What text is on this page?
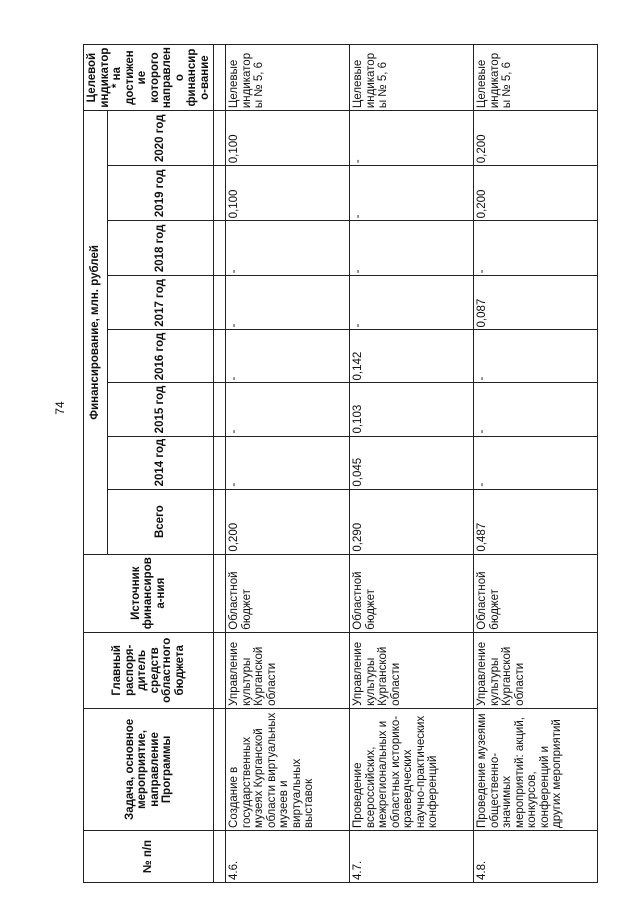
74
№ п/п	Задача, основное мероприятие, направление Программы	Главный распоря-дитель средств областного бюджета	Источник финансирова-ния	Финансирование, млн. рублей								Целевой индикатор* на достижение которого направлено финансиро-вание
				Всего	2014 год	2015 год	2016 год	2017 год	2018 год	2019 год	2020 год	

4.6.	Создание в государственных музеях Курганской области виртуальных музеев и виртуальных выставок	Управление культуры Курганской области	Областной бюджет	0,200	-	-	-	-	-	0,100	0,100	Целевые индикаторы № 5, 6
4.7.	Проведение всероссийских, межрегиональных и областных историко-краеведческих научно-практических конференций	Управление культуры Курганской области	Областной бюджет	0,290	0,045	0,103	0,142	-	-	-	-	Целевые индикаторы № 5, 6
4.8.	Проведение музеями общественно-значимых мероприятий: акций, конкурсов, конференций и других мероприятий	Управление культуры Курганской области	Областной бюджет	0,487	-	-	-	0,087	-	0,200	0,200	Целевые индикаторы № 5, 6
